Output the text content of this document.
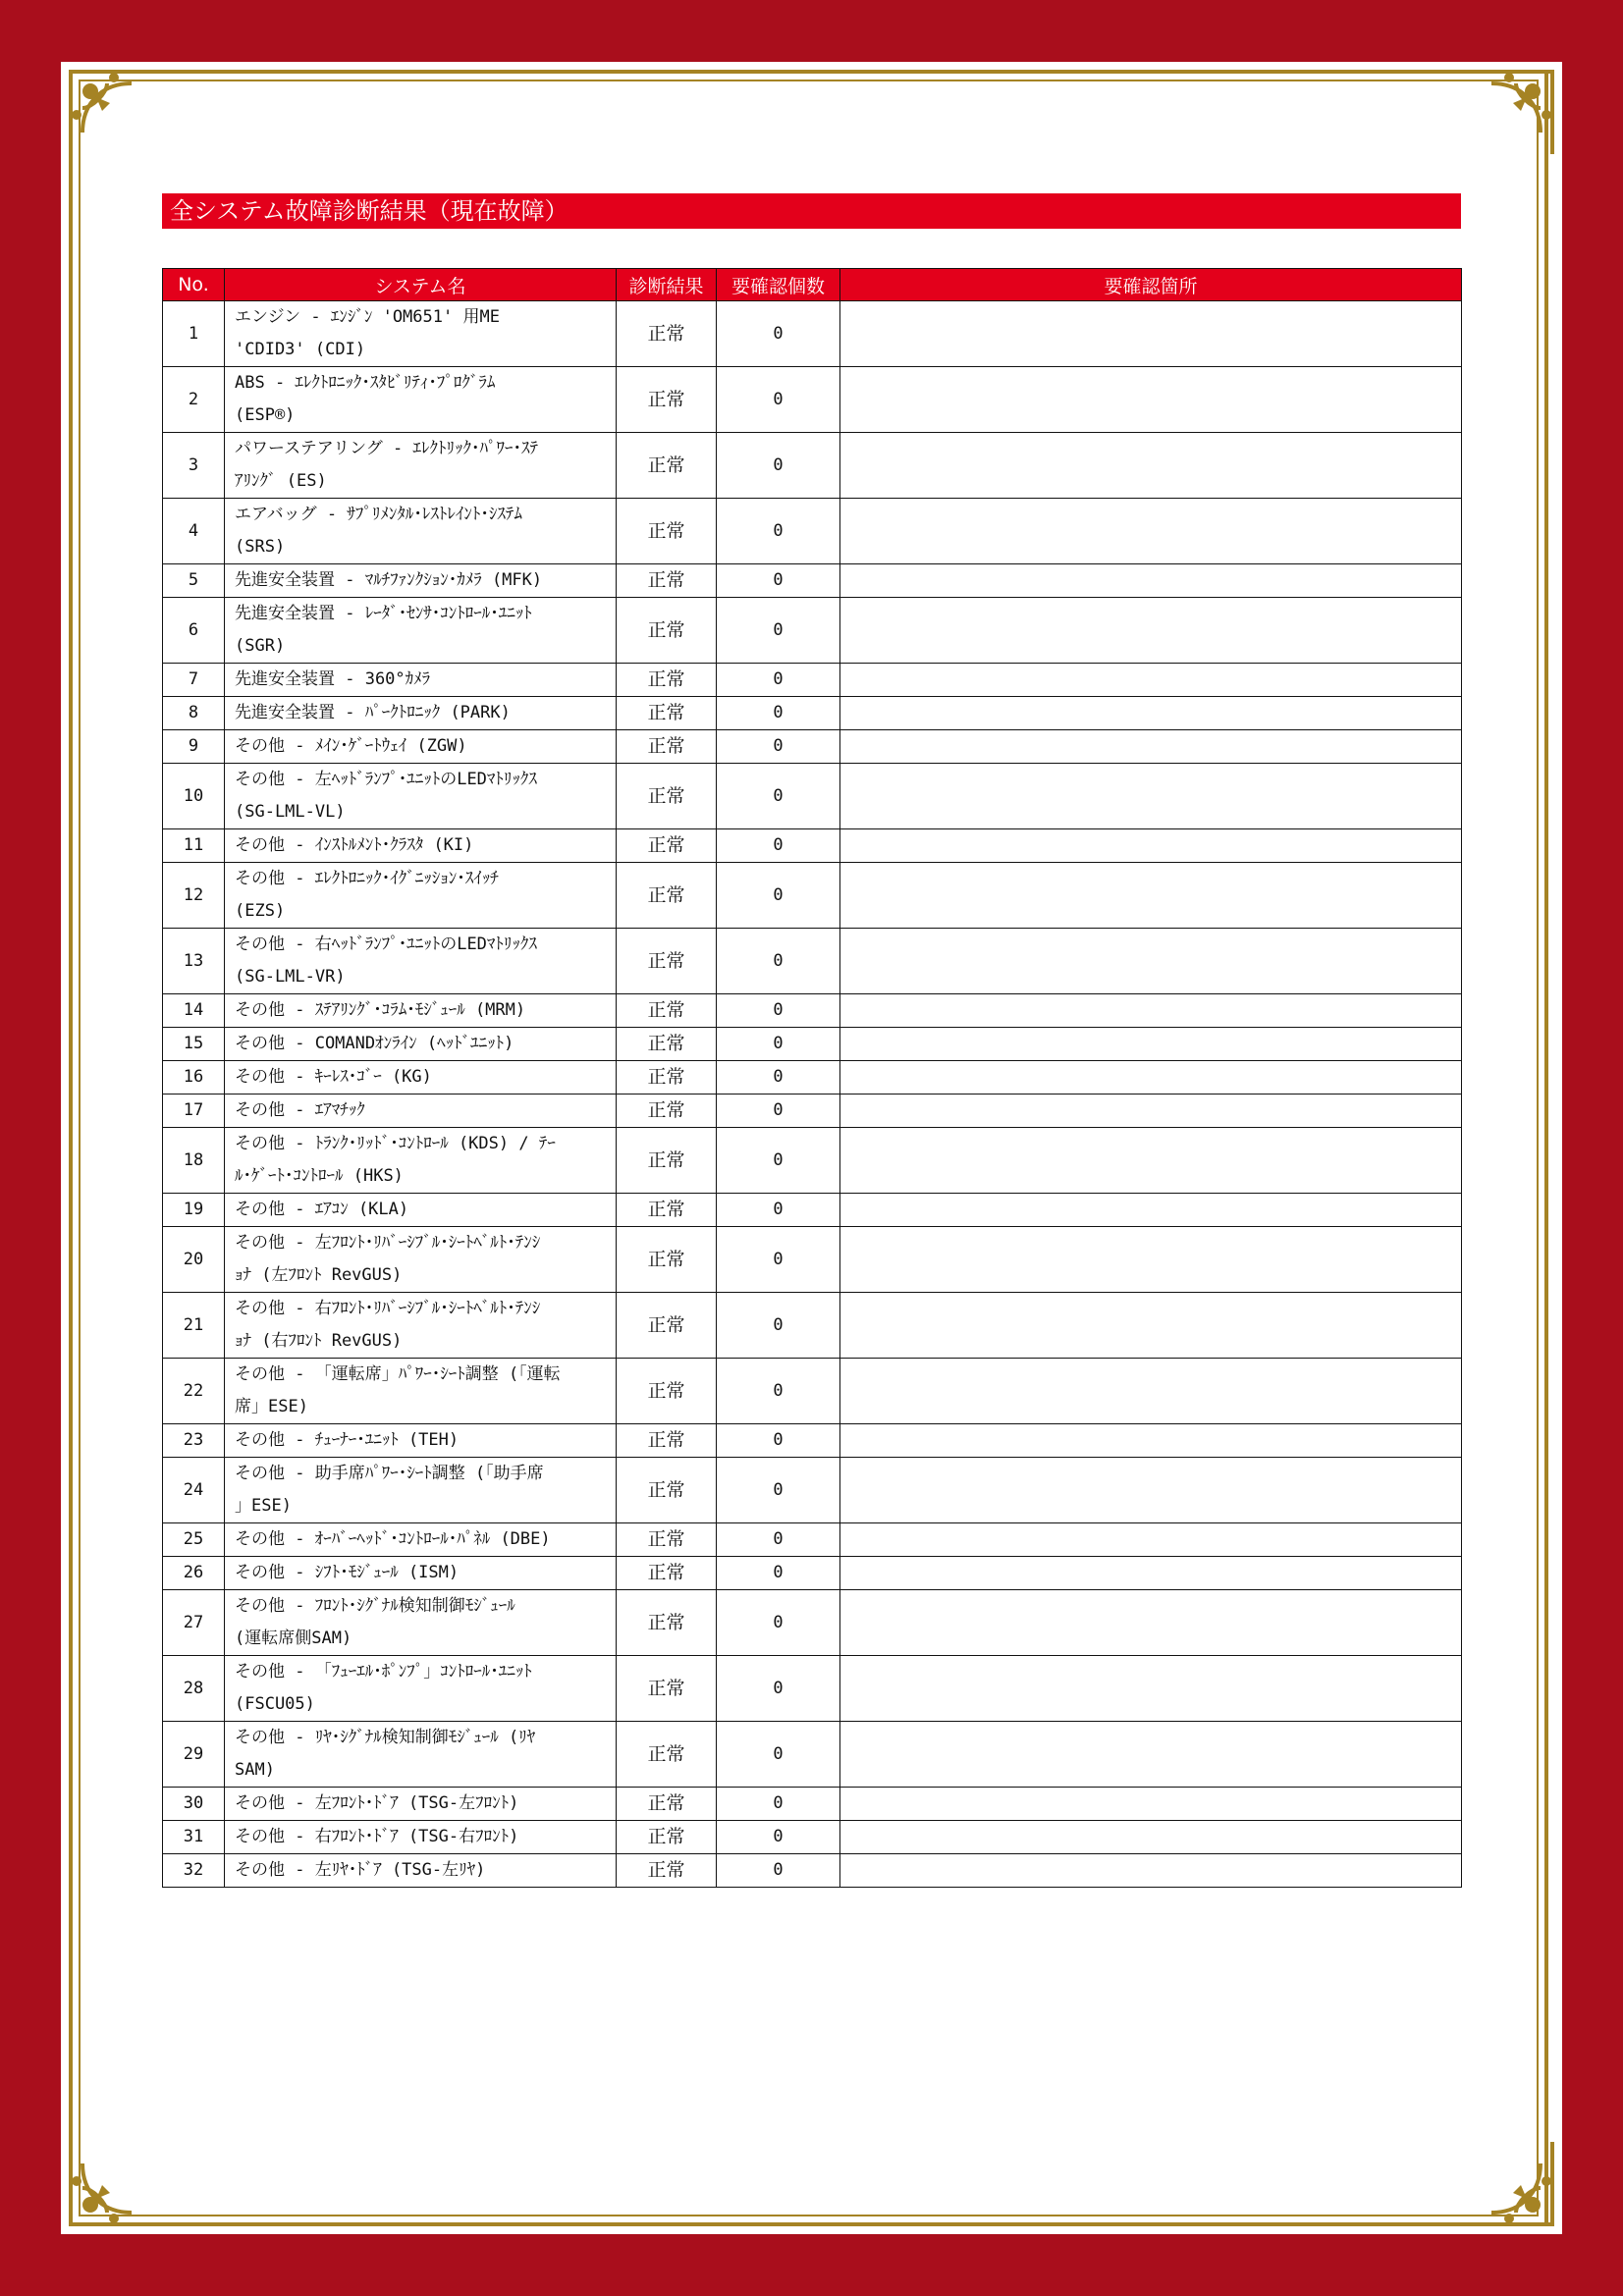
全システム故障診断結果（現在故障）
No.	システム名	診断結果	要確認個数	要確認箇所
1	エンジン - ｴﾝｼﾞﾝ 'OM651' 用ME
'CDID3' (CDI)	正常	0	
2	ABS - ｴﾚｸﾄﾛﾆｯｸ･ｽﾀﾋﾞﾘﾃｨ･ﾌﾟﾛｸﾞﾗﾑ
(ESP®)	正常	0	
3	パワーステアリング - ｴﾚｸﾄﾘｯｸ･ﾊﾟﾜｰ･ｽﾃ
ｱﾘﾝｸﾞ (ES)	正常	0	
4	エアバッグ - ｻﾌﾟﾘﾒﾝﾀﾙ･ﾚｽﾄﾚｲﾝﾄ･ｼｽﾃﾑ
(SRS)	正常	0	
5	先進安全装置 - ﾏﾙﾁﾌｧﾝｸｼｮﾝ･ｶﾒﾗ (MFK)	正常	0	
6	先進安全装置 - ﾚｰﾀﾞ･ｾﾝｻ･ｺﾝﾄﾛｰﾙ･ﾕﾆｯﾄ
(SGR)	正常	0	
7	先進安全装置 - 360°ｶﾒﾗ	正常	0	
8	先進安全装置 - ﾊﾟｰｸﾄﾛﾆｯｸ (PARK)	正常	0	
9	その他 - ﾒｲﾝ･ｹﾞｰﾄｳｪｲ (ZGW)	正常	0	
10	その他 - 左ﾍｯﾄﾞﾗﾝﾌﾟ･ﾕﾆｯﾄのLEDﾏﾄﾘｯｸｽ
(SG-LML-VL)	正常	0	
11	その他 - ｲﾝｽﾄﾙﾒﾝﾄ･ｸﾗｽﾀ (KI)	正常	0	
12	その他 - ｴﾚｸﾄﾛﾆｯｸ･ｲｸﾞﾆｯｼｮﾝ･ｽｲｯﾁ
(EZS)	正常	0	
13	その他 - 右ﾍｯﾄﾞﾗﾝﾌﾟ･ﾕﾆｯﾄのLEDﾏﾄﾘｯｸｽ
(SG-LML-VR)	正常	0	
14	その他 - ｽﾃｱﾘﾝｸﾞ･ｺﾗﾑ･ﾓｼﾞｭｰﾙ (MRM)	正常	0	
15	その他 - COMANDｵﾝﾗｲﾝ (ﾍｯﾄﾞﾕﾆｯﾄ)	正常	0	
16	その他 - ｷｰﾚｽ･ｺﾞｰ (KG)	正常	0	
17	その他 - ｴｱﾏﾁｯｸ	正常	0	
18	その他 - ﾄﾗﾝｸ･ﾘｯﾄﾞ･ｺﾝﾄﾛｰﾙ (KDS) / ﾃｰ
ﾙ･ｹﾞｰﾄ･ｺﾝﾄﾛｰﾙ (HKS)	正常	0	
19	その他 - ｴｱｺﾝ (KLA)	正常	0	
20	その他 - 左ﾌﾛﾝﾄ･ﾘﾊﾞｰｼﾌﾞﾙ･ｼｰﾄﾍﾞﾙﾄ･ﾃﾝｼ
ｮﾅ (左ﾌﾛﾝﾄ RevGUS)	正常	0	
21	その他 - 右ﾌﾛﾝﾄ･ﾘﾊﾞｰｼﾌﾞﾙ･ｼｰﾄﾍﾞﾙﾄ･ﾃﾝｼ
ｮﾅ (右ﾌﾛﾝﾄ RevGUS)	正常	0	
22	その他 - 「運転席」ﾊﾟﾜｰ･ｼｰﾄ調整 (「運転
席」ESE)	正常	0	
23	その他 - ﾁｭｰﾅｰ･ﾕﾆｯﾄ (TEH)	正常	0	
24	その他 - 助手席ﾊﾟﾜｰ･ｼｰﾄ調整 (「助手席
」ESE)	正常	0	
25	その他 - ｵｰﾊﾞｰﾍｯﾄﾞ･ｺﾝﾄﾛｰﾙ･ﾊﾟﾈﾙ (DBE)	正常	0	
26	その他 - ｼﾌﾄ･ﾓｼﾞｭｰﾙ (ISM)	正常	0	
27	その他 - ﾌﾛﾝﾄ･ｼｸﾞﾅﾙ検知制御ﾓｼﾞｭｰﾙ
(運転席側SAM)	正常	0	
28	その他 - 「ﾌｭｰｴﾙ･ﾎﾟﾝﾌﾟ」ｺﾝﾄﾛｰﾙ･ﾕﾆｯﾄ
(FSCU05)	正常	0	
29	その他 - ﾘﾔ･ｼｸﾞﾅﾙ検知制御ﾓｼﾞｭｰﾙ (ﾘﾔ
SAM)	正常	0	
30	その他 - 左ﾌﾛﾝﾄ･ﾄﾞｱ (TSG-左ﾌﾛﾝﾄ)	正常	0	
31	その他 - 右ﾌﾛﾝﾄ･ﾄﾞｱ (TSG-右ﾌﾛﾝﾄ)	正常	0	
32	その他 - 左ﾘﾔ･ﾄﾞｱ (TSG-左ﾘﾔ)	正常	0	
